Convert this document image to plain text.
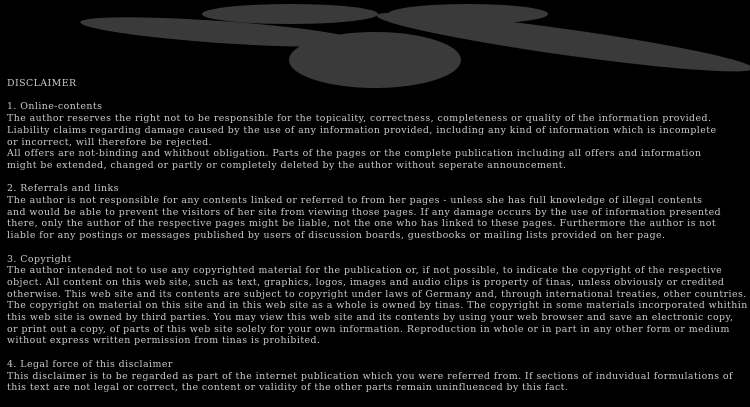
DISCLAIMER
1. Online-contents
The author reserves the right not to be responsible for the topicality, correctness, completeness or quality of the information provided.
Liability claims regarding damage caused by the use of any information provided, including any kind of information which is incomplete
or incorrect, will therefore be rejected.
All offers are not-binding and whithout obligation. Parts of the pages or the complete publication including all offers and information
might be extended, changed or partly or completely deleted by the author without seperate announcement.
2. Referrals and links
The author is not responsible for any contents linked or referred to from her pages - unless she has full knowledge of illegal contents
and would be able to prevent the visitors of her site from viewing those pages. If any damage occurs by the use of information presented
there, only the author of the respective pages might be liable, not the one who has linked to these pages. Furthermore the author is not
liable for any postings or messages published by users of discussion boards, guestbooks or mailing lists provided on her page.
3. Copyright
The author intended not to use any copyrighted material for the publication or, if not possible, to indicate the copyright of the respective
object. All content on this web site, such as text, graphics, logos, images and audio clips is property of tinas, unless obviously or credited
otherwise. This web site and its contents are subject to copyright under laws of Germany and, through international treaties, other countries.
The copyright on material on this site and in this web site as a whole is owned by tinas. The copyright in some materials incorporated whithin
this web site is owned by third parties. You may view this web site and its contents by using your web browser and save an electronic copy,
or print out a copy, of parts of this web site solely for your own information. Reproduction in whole or in part in any other form or medium
without express written permission from tinas is prohibited.
4. Legal force of this disclaimer
This disclaimer is to be regarded as part of the internet publication which you were referred from. If sections of induvidual formulations of
this text are not legal or correct, the content or validity of the other parts remain uninfluenced by this fact.
